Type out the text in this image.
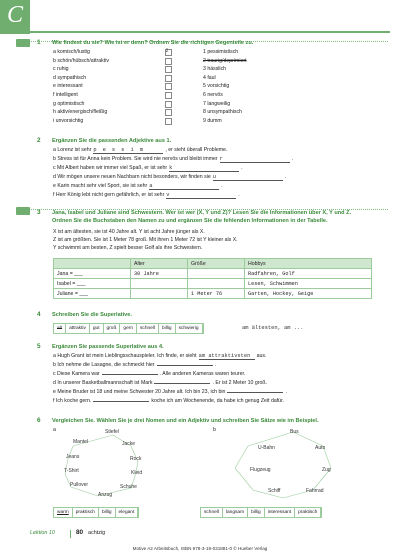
C
1 Wie findest du sie? Wie ist er denn? Ordnen Sie die richtigen Gegenteile zu.
a komisch/lustig	2	1 pessimistisch
b schön/hübsch/attraktiv	2 traurig/deprimiert
c ruhig	3 hässlich
d sympathisch	4 faul
e interessant	5 vorsichtig
f intelligent	6 nervös
g optimistisch	7 langweilig
h aktiv/energisch/fleißig	8 unsympathisch
i unvorsichtig	9 dumm
2 Ergänzen Sie die passenden Adjektive aus 1.
a Lorenz ist sehr p e s s i m	, er sieht überall Probleme.
b Stress ist für Anna kein Problem. Sie wird nie nervös und bleibt immer r	.
c Mit Albert haben wir immer viel Spaß, er ist sehr k	.
d Wir mögen unsere neuen Nachbarn nicht besonders, wir finden sie u	.
e Karin macht sehr viel Sport, sie ist sehr a	.
f Herr König lebt nicht gern gefährlich, er ist sehr v	.
3 Jana, Isabel und Juliane sind Schwestern. Wer ist wer (X, Y und Z)? Lesen Sie die Informationen über X, Y und Z.
Ordnen Sie die Buchstaben den Namen zu und ergänzen Sie die fehlenden Informationen in der Tabelle.
X ist am ältesten, sie ist 40 Jahre alt. Y ist acht Jahre jünger als X.
Z ist am größten. Sie ist 1 Meter 78 groß. Mit ihren 1 Meter 72 ist Y kleiner als X.
Y schwimmt am besten, Z spielt besser Golf als ihre Schwestern.
	Alter	Größe	Hobbys
Jana = ___	30 Jahre		Radfahren, Golf
Isabel = ___			Lesen, Schwimmen
Juliane = ___		1 Meter 76	Garten, Hockey, Geige
4 Schreiben Sie die Superlative.
alt	attraktiv	gut	groß	gern	schnell	billig	schwierig	am ältesten, am ...
5 Ergänzen Sie passende Superlative aus 4.
a Hugh Grant ist mein Lieblingsschauspieler. Ich finde, er sieht am attraktivsten	aus.
b Ich nehme die Lasagne, die schmeckt hier	.
c Diese Kamera war	. Alle anderen Kameras waren teurer.
d In unserer Basketballmannschaft ist Mark	. Er ist 2 Meter 10 groß.
e Meine Bruder ist 18 und meine Schwester 20 Jahre alt. Ich bin 23, ich bin	.
f Ich koche gern.	koche ich am Wochenende, da habe ich genug Zeit dafür.
6 Vergleichen Sie. Wählen Sie je drei Nomen und ein Adjektiv und schreiben Sie Sätze wie im Beispiel.
a	b
Stiefel
Mantel	Jacke
Jeans	Rock
T-Shirt	Kleid
Pullover	Schuhe
Anzug
warm	praktisch	billig	elegant
Bus
U-Bahn	Auto
Flugzeug	Zug
Schiff	Fahrrad
schnell	langsam	billig	interessant	praktisch
Lektion 10	80 achtzig
Motive A2 Arbeitsbuch, ISBN 978-3-19-031881-0 © Hueber Verlag
